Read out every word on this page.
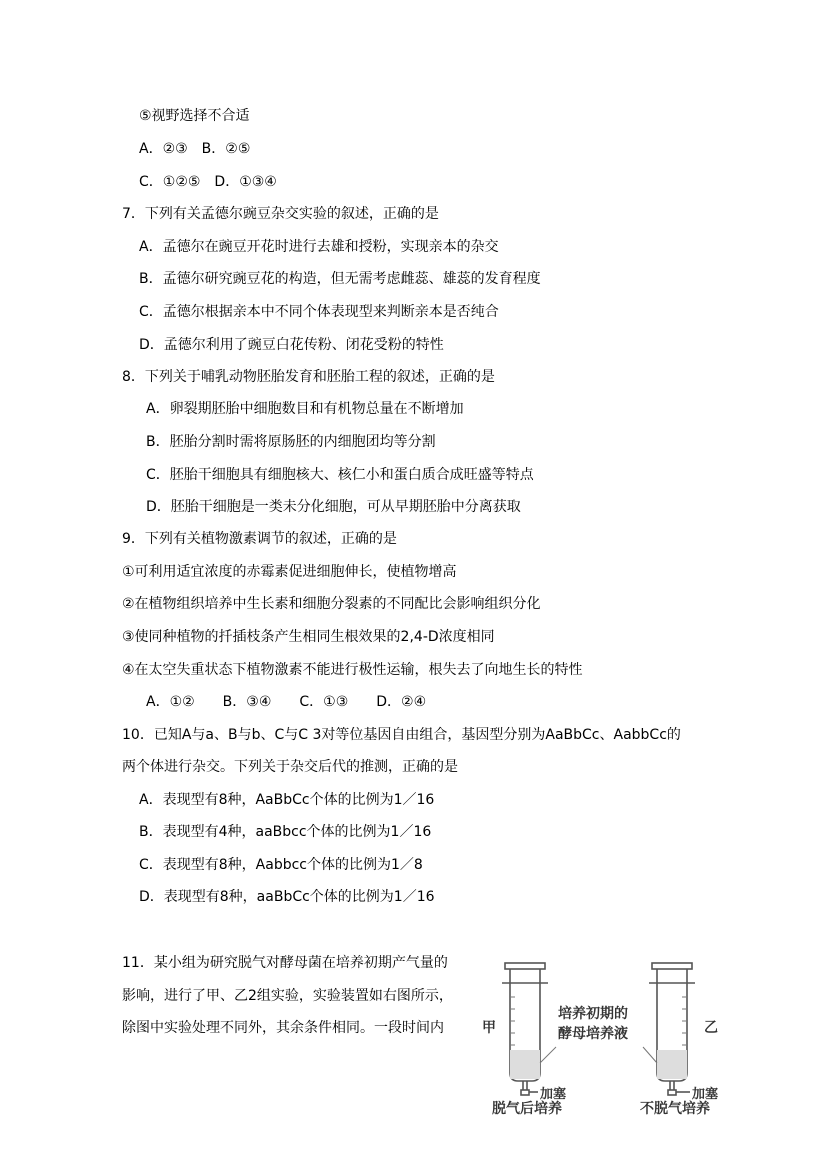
⑤视野选择不合适
A．②③　B．②⑤
C．①②⑤　D．①③④
7．下列有关孟德尔豌豆杂交实验的叙述，正确的是
A．孟德尔在豌豆开花时进行去雄和授粉，实现亲本的杂交
B．孟德尔研究豌豆花的构造，但无需考虑雌蕊、雄蕊的发育程度
C．孟德尔根据亲本中不同个体表现型来判断亲本是否纯合
D．孟德尔利用了豌豆白花传粉、闭花受粉的特性
8．下列关于哺乳动物胚胎发育和胚胎工程的叙述，正确的是
A．卵裂期胚胎中细胞数目和有机物总量在不断增加
B．胚胎分割时需将原肠胚的内细胞团均等分割
C．胚胎干细胞具有细胞核大、核仁小和蛋白质合成旺盛等特点
D．胚胎干细胞是一类未分化细胞，可从早期胚胎中分离获取
9．下列有关植物激素调节的叙述，正确的是
①可利用适宜浓度的赤霉素促进细胞伸长，使植物增高
②在植物组织培养中生长素和细胞分裂素的不同配比会影响组织分化
③使同种植物的扦插枝条产生相同生根效果的2,4-D浓度相同
④在太空失重状态下植物激素不能进行极性运输，根失去了向地生长的特性
A．①②　　B．③④　　C．①③　　D．②④
10．已知A与a、B与b、C与C 3对等位基因自由组合，基因型分别为AaBbCc、AabbCc的
两个体进行杂交。下列关于杂交后代的推测，正确的是
A．表现型有8种，AaBbCc个体的比例为1／16
B．表现型有4种，aaBbcc个体的比例为1／16
C．表现型有8种，Aabbcc个体的比例为1／8
D．表现型有8种，aaBbCc个体的比例为1／16
11．某小组为研究脱气对酵母菌在培养初期产气量的
影响，进行了甲、乙2组实验，实验装置如右图所示，
除图中实验处理不同外，其余条件相同。一段时间内	甲	乙
培养初期的
酵母培养液
加塞	加塞
脱气后培养	不脱气培养
